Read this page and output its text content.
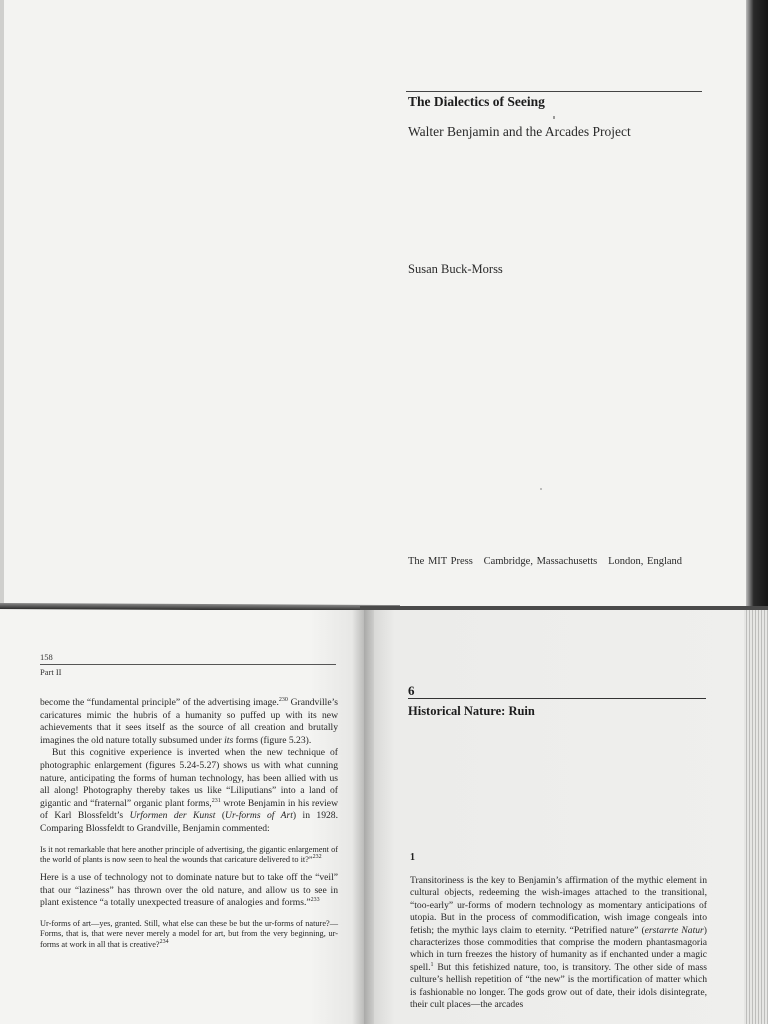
The Dialectics of Seeing
Walter Benjamin and the Arcades Project
Susan Buck-Morss
The MIT Press   Cambridge, Massachusetts   London, England
158
Part II

become the “fundamental principle” of the advertising image.$^{230}$ Grandville’s caricatures mimic the hubris of a humanity so puffed up with its new achievements that it sees itself as the source of all creation and brutally imagines the old nature totally subsumed under its forms (figure 5.23).

But this cognitive experience is inverted when the new technique of photographic enlargement (figures 5.24-5.27) shows us with what cunning nature, anticipating the forms of human technology, has been allied with us all along! Photography thereby takes us like “Liliputians” into a land of gigantic and “fraternal” organic plant forms,$^{231}$ wrote Benjamin in his review of Karl Blossfeldt’s Urformen der Kunst (Ur-forms of Art) in 1928. Comparing Blossfeldt to Grandville, Benjamin commented:

Is it not remarkable that here another principle of advertising, the gigantic enlargement of the world of plants is now seen to heal the wounds that caricature delivered to it?”$^{232}$

Here is a use of technology not to dominate nature but to take off the “veil” that our “laziness” has thrown over the old nature, and allow us to see in plant existence “a totally unexpected treasure of analogies and forms.”$^{233}$

Ur-forms of art—yes, granted. Still, what else can these be but the ur-forms of nature?—Forms, that is, that were never merely a model for art, but from the very beginning, ur-forms at work in all that is creative?$^{234}$

6
Historical Nature: Ruin
1

Transitoriness is the key to Benjamin’s affirmation of the mythic element in cultural objects, redeeming the wish-images attached to the transitional, “too-early” ur-forms of modern technology as momentary anticipations of utopia. But in the process of commodification, wish image congeals into fetish; the mythic lays claim to eternity. “Petrified nature” (erstarrte Natur) characterizes those commodities that comprise the modern phantasmagoria which in turn freezes the history of humanity as if enchanted under a magic spell.$^1$ But this fetishized nature, too, is transitory. The other side of mass culture’s hellish repetition of “the new” is the mortification of matter which is fashionable no longer. The gods grow out of date, their idols disintegrate, their cult places—the arcades
